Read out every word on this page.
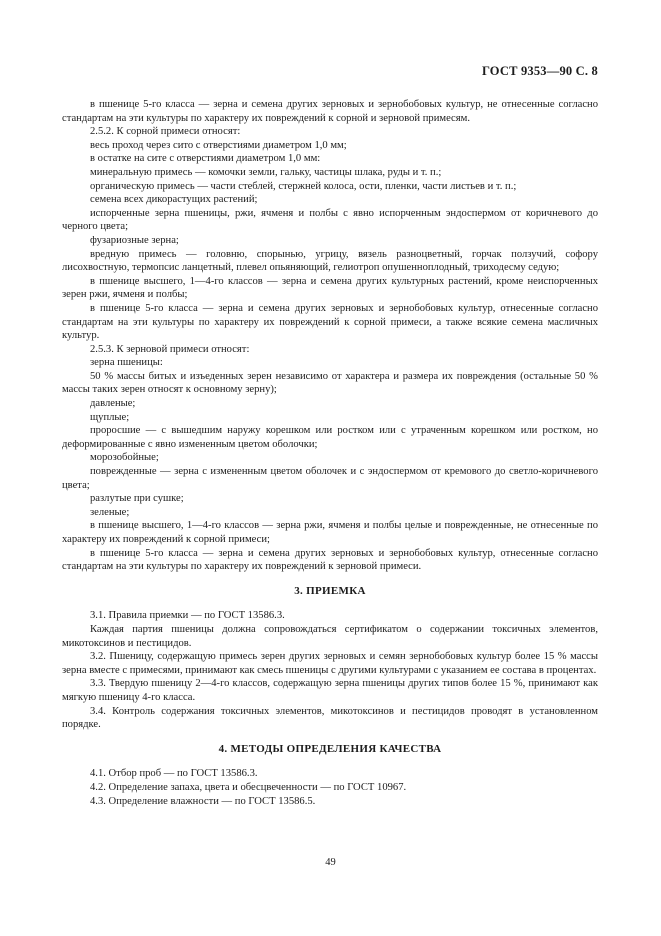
ГОСТ 9353—90 С. 8

в пшенице 5-го класса — зерна и семена других зерновых и зернобобовых культур, не отнесенные согласно стандартам на эти культуры по характеру их повреждений к сорной и зерновой примесям.

2.5.2. К сорной примеси относят:

весь проход через сито с отверстиями диаметром 1,0 мм;

в остатке на сите с отверстиями диаметром 1,0 мм:

минеральную примесь — комочки земли, гальку, частицы шлака, руды и т. п.;

органическую примесь — части стеблей, стержней колоса, ости, пленки, части листьев и т. п.;

семена всех дикорастущих растений;

испорченные зерна пшеницы, ржи, ячменя и полбы с явно испорченным эндоспермом от коричневого до черного цвета;

фузариозные зерна;

вредную примесь — головню, спорынью, угрицу, вязель разноцветный, горчак ползучий, софору лисохвостную, термопсис ланцетный, плевел опьяняющий, гелиотроп опушеннoплодный, триходесму седую;

в пшенице высшего, 1—4-го классов — зерна и семена других культурных растений, кроме неиспорченных зерен ржи, ячменя и полбы;

в пшенице 5-го класса — зерна и семена других зерновых и зернобобовых культур, отнесенные согласно стандартам на эти культуры по характеру их повреждений к сорной примеси, а также всякие семена масличных культур.

2.5.3. К зерновой примеси относят:

зерна пшеницы:

50 % массы битых и изъеденных зерен независимо от характера и размера их повреждения (остальные 50 % массы таких зерен относят к основному зерну);

давленые;

щуплые;

проросшие — с вышедшим наружу корешком или ростком или с утраченным корешком или ростком, но деформированные с явно измененным цветом оболочки;

морозобойные;

поврежденные — зерна с измененным цветом оболочек и с эндоспермом от кремового до светло-коричневого цвета;

разлутые при сушке;

зеленые;

в пшенице высшего, 1—4-го классов — зерна ржи, ячменя и полбы целые и поврежденные, не отнесенные по характеру их повреждений к сорной примеси;

в пшенице 5-го класса — зерна и семена других зерновых и зернобобовых культур, отнесенные согласно стандартам на эти культуры по характеру их повреждений к зерновой примеси.

3. ПРИЕМКА

3.1. Правила приемки — по ГОСТ 13586.3.

Каждая партия пшеницы должна сопровождаться сертификатом о содержании токсичных элементов, микотоксинов и пестицидов.

3.2. Пшеницу, содержащую примесь зерен других зерновых и семян зернобобовых культур более 15 % массы зерна вместе с примесями, принимают как смесь пшеницы с другими культурами с указанием ее состава в процентах.

3.3. Твердую пшеницу 2—4-го классов, содержащую зерна пшеницы других типов более 15 %, принимают как мягкую пшеницу 4-го класса.

3.4. Контроль содержания токсичных элементов, микотоксинов и пестицидов проводят в установленном порядке.

4. МЕТОДЫ ОПРЕДЕЛЕНИЯ КАЧЕСТВА

4.1. Отбор проб — по ГОСТ 13586.3.

4.2. Определение запаха, цвета и обесцвеченности — по ГОСТ 10967.

4.3. Определение влажности — по ГОСТ 13586.5.

49
